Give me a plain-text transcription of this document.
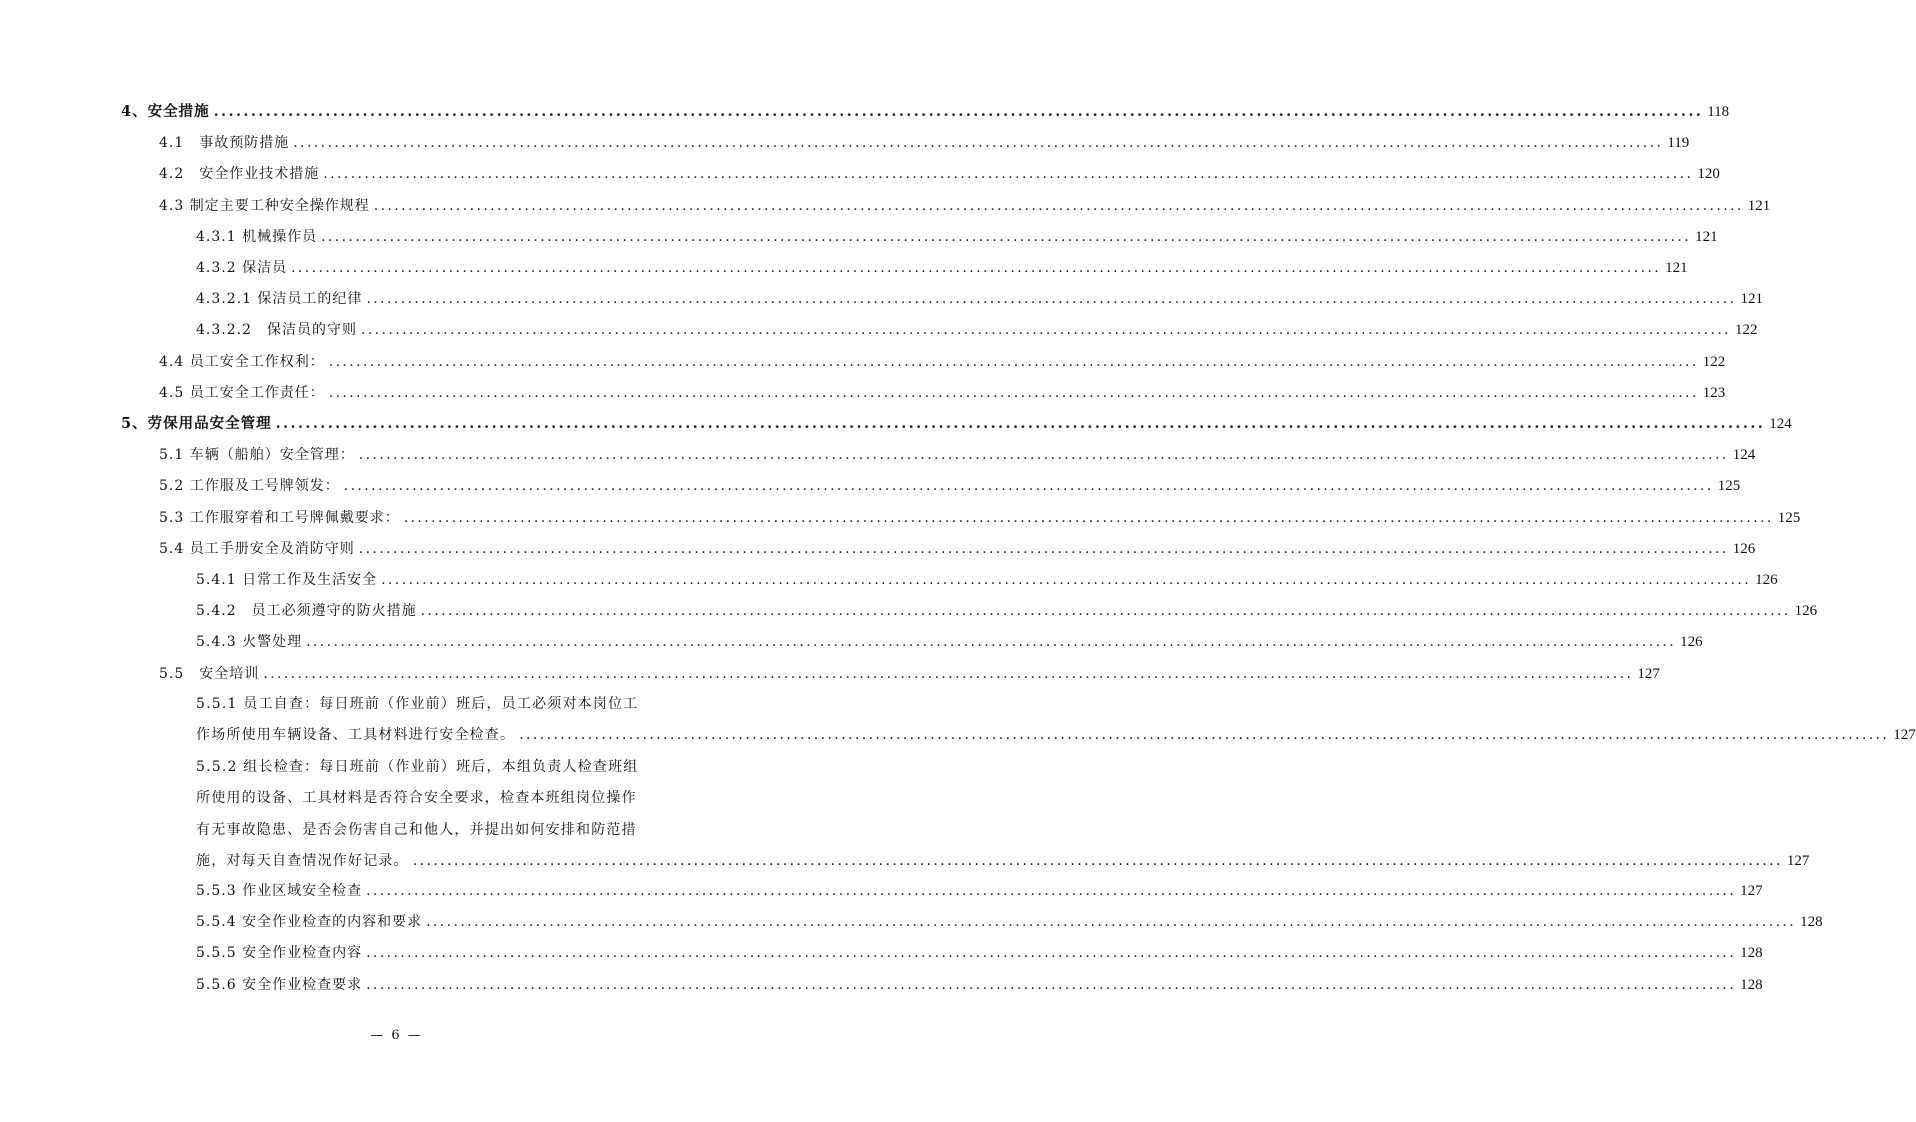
4、安全措施 ........................................................................................................................................................................................................ 118
4.1　事故预防措施 ........................................................................................................................................................................................................ 119
4.2　安全作业技术措施 ........................................................................................................................................................................................................ 120
4.3 制定主要工种安全操作规程 ........................................................................................................................................................................................................ 121
4.3.1 机械操作员 ........................................................................................................................................................................................................ 121
4.3.2 保洁员 ........................................................................................................................................................................................................ 121
4.3.2.1 保洁员工的纪律 ........................................................................................................................................................................................................ 121
4.3.2.2　保洁员的守则 ........................................................................................................................................................................................................ 122
4.4 员工安全工作权利： ........................................................................................................................................................................................................ 122
4.5 员工安全工作责任： ........................................................................................................................................................................................................ 123
5、劳保用品安全管理 ........................................................................................................................................................................................................ 124
5.1 车辆（船舶）安全管理： ........................................................................................................................................................................................................ 124
5.2 工作服及工号牌领发： ........................................................................................................................................................................................................ 125
5.3 工作服穿着和工号牌佩戴要求： ........................................................................................................................................................................................................ 125
5.4 员工手册安全及消防守则 ........................................................................................................................................................................................................ 126
5.4.1 日常工作及生活安全 ........................................................................................................................................................................................................ 126
5.4.2　员工必须遵守的防火措施 ........................................................................................................................................................................................................ 126
5.4.3 火警处理 ........................................................................................................................................................................................................ 126
5.5　安全培训 ........................................................................................................................................................................................................ 127
5.5.1 员工自查：每日班前（作业前）班后，员工必须对本岗位工
作场所使用车辆设备、工具材料进行安全检查。 ........................................................................................................................................................................................................ 127
5.5.2 组长检查：每日班前（作业前）班后，本组负责人检查班组
所使用的设备、工具材料是否符合安全要求，检查本班组岗位操作
有无事故隐患、是否会伤害自己和他人，并提出如何安排和防范措
施，对每天自查情况作好记录。 ........................................................................................................................................................................................................ 127
5.5.3 作业区域安全检查 ........................................................................................................................................................................................................ 127
5.5.4 安全作业检查的内容和要求 ........................................................................................................................................................................................................ 128
5.5.5 安全作业检查内容 ........................................................................................................................................................................................................ 128
5.5.6 安全作业检查要求 ........................................................................................................................................................................................................ 128
— 6 —
